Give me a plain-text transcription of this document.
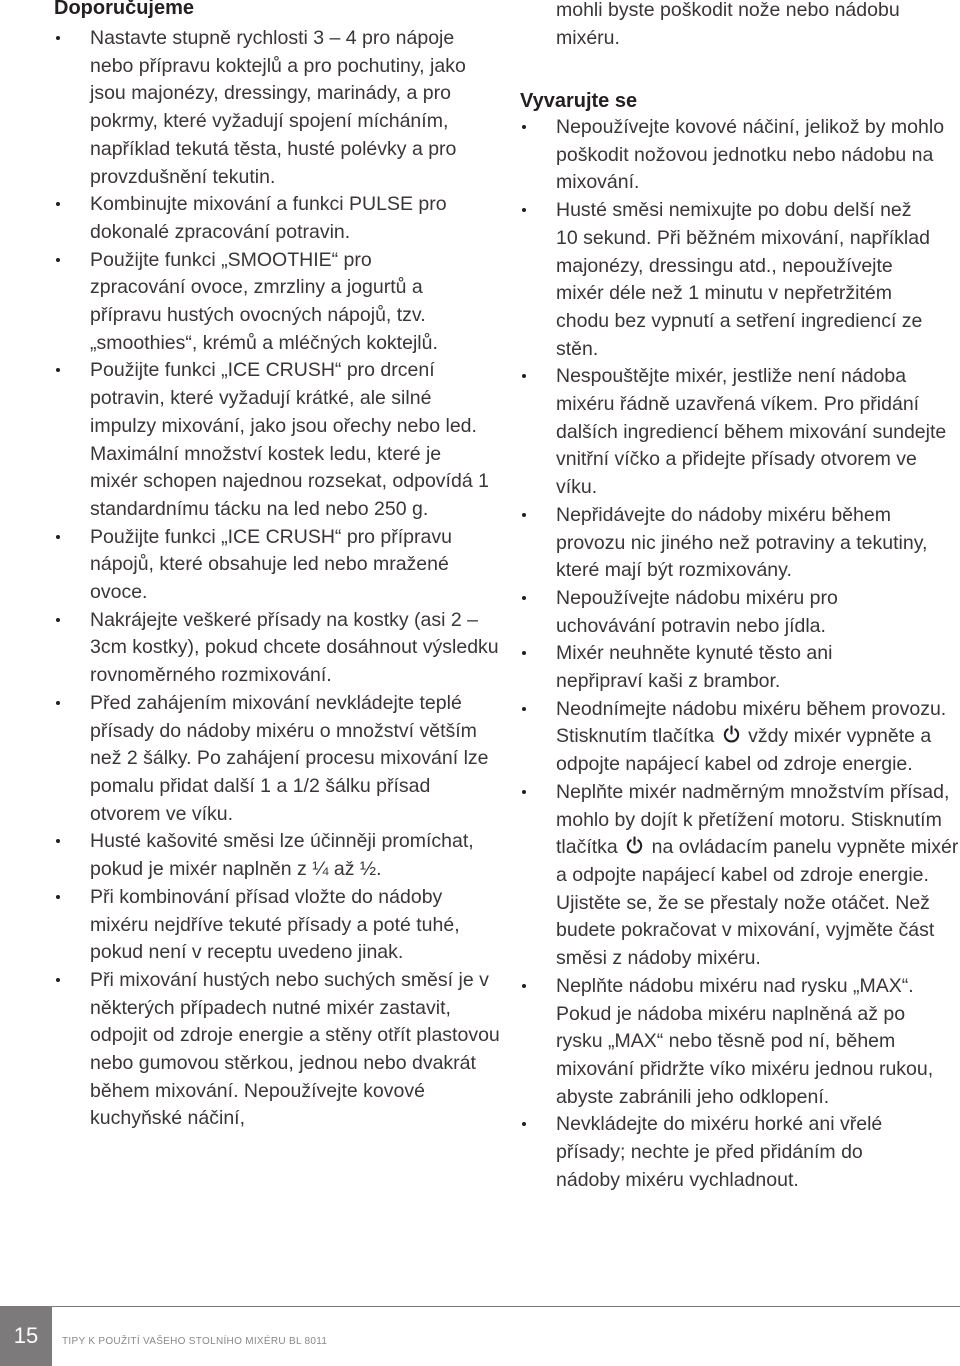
Doporučujeme
Nastavte stupně rychlosti 3 – 4 pro nápoje nebo přípravu koktejlů a pro pochutiny, jako jsou majonézy, dressingy, marinády, a pro pokrmy, které vyžadují spojení mícháním, například tekutá těsta, husté polévky a pro provzdušnění tekutin.
Kombinujte mixování a funkci PULSE pro dokonalé zpracování potravin.
Použijte funkci „SMOOTHIE“ pro zpracování ovoce, zmrzliny a jogurtů a přípravu hustých ovocných nápojů, tzv. „smoothies“, krémů a mléčných koktejlů.
Použijte funkci „ICE CRUSH“ pro drcení potravin, které vyžadují krátké, ale silné impulzy mixování, jako jsou ořechy nebo led. Maximální množství kostek ledu, které je mixér schopen najednou rozsekat, odpovídá 1 standardnímu tácku na led nebo 250 g.
Použijte funkci „ICE CRUSH“ pro přípravu nápojů, které obsahuje led nebo mražené ovoce.
Nakrájejte veškeré přísady na kostky (asi 2 – 3cm kostky), pokud chcete dosáhnout výsledku rovnoměrného rozmixování.
Před zahájením mixování nevkládejte teplé přísady do nádoby mixéru o množství větším než 2 šálky. Po zahájení procesu mixování lze pomalu přidat další 1 a 1/2 šálku přísad otvorem ve víku.
Husté kašovité směsi lze účinněji promíchat, pokud je mixér naplněn z ¼ až ½.
Při kombinování přísad vložte do nádoby mixéru nejdříve tekuté přísady a poté tuhé, pokud není v receptu uvedeno jinak.
Při mixování hustých nebo suchých směsí je v některých případech nutné mixér zastavit, odpojit od zdroje energie a stěny otřít plastovou nebo gumovou stěrkou, jednou nebo dvakrát během mixování. Nepoužívejte kovové kuchyňské náčiní,
mohli byste poškodit nože nebo nádobu mixéru.
Vyvarujte se
Nepoužívejte kovové náčiní, jelikož by mohlo poškodit nožovou jednotku nebo nádobu na mixování.
Husté směsi nemixujte po dobu delší než 10 sekund. Při běžném mixování, například majonézy, dressingu atd., nepoužívejte mixér déle než 1 minutu v nepřetržitém chodu bez vypnutí a setření ingrediencí ze stěn.
Nespouštějte mixér, jestliže není nádoba mixéru řádně uzavřená víkem. Pro přidání dalších ingrediencí během mixování sundejte vnitřní víčko a přidejte přísady otvorem ve víku.
Nepřidávejte do nádoby mixéru během provozu nic jiného než potraviny a tekutiny, které mají být rozmixovány.
Nepoužívejte nádobu mixéru pro uchovávání potravin nebo jídla.
Mixér neuhněte kynuté těsto ani nepřipraví kaši z brambor.
Neodnímejte nádobu mixéru během provozu. Stisknutím tlačítka vždy mixér vypněte a odpojte napájecí kabel od zdroje energie.
Neplňte mixér nadměrným množstvím přísad, mohlo by dojít k přetížení motoru. Stisknutím tlačítka na ovládacím panelu vypněte mixér a odpojte napájecí kabel od zdroje energie. Ujistěte se, že se přestaly nože otáčet. Než budete pokračovat v mixování, vyjměte část směsi z nádoby mixéru.
Neplňte nádobu mixéru nad rysku „MAX“. Pokud je nádoba mixéru naplněná až po rysku „MAX“ nebo těsně pod ní, během mixování přidržte víko mixéru jednou rukou, abyste zabránili jeho odklopení.
Nevkládejte do mixéru horké ani vřelé přísady; nechte je před přidáním do nádoby mixéru vychladnout.
15	TIPY K POUŽITÍ VAŠEHO STOLNÍHO MIXÉRU BL 8011
